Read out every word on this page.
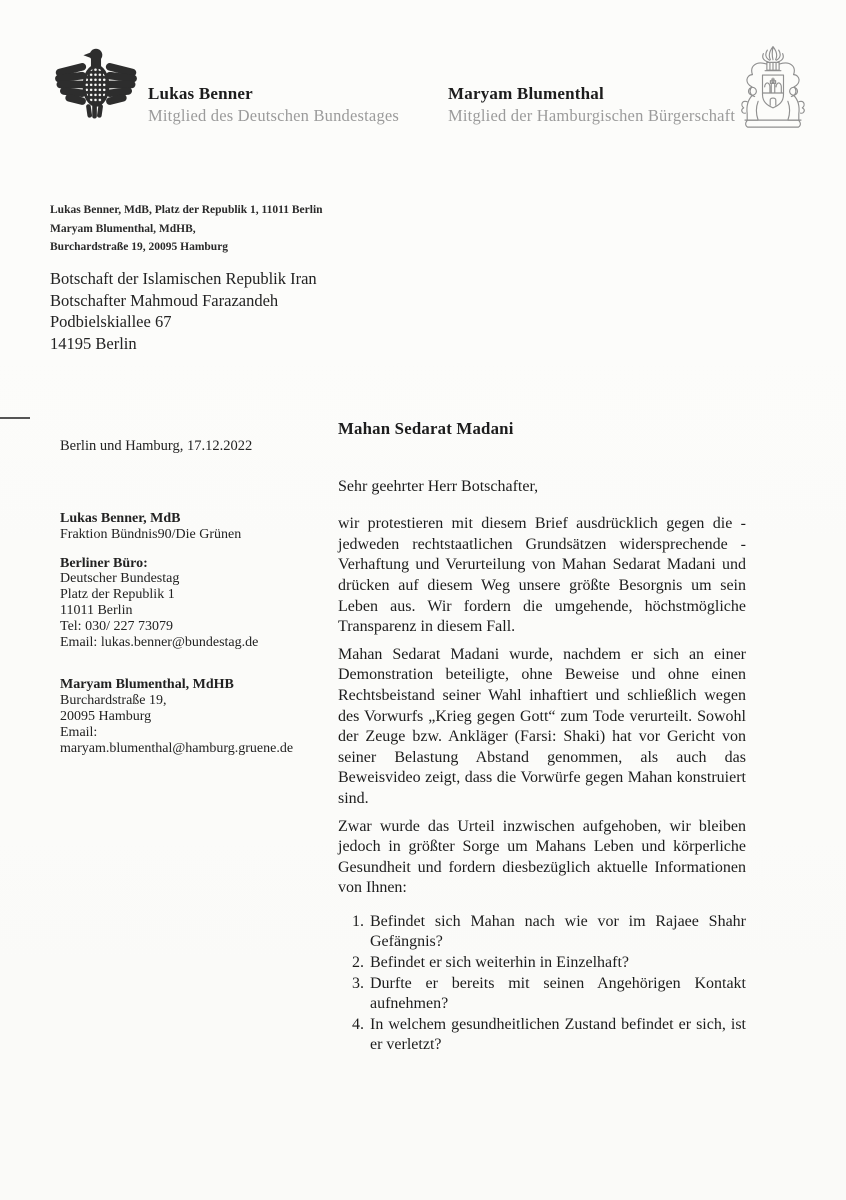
Lukas Benner
Mitglied des Deutschen Bundestages
Maryam Blumenthal
Mitglied der Hamburgischen Bürgerschaft
Lukas Benner, MdB, Platz der Republik 1, 11011 Berlin
Maryam Blumenthal, MdHB,
Burchardstraße 19, 20095 Hamburg
Botschaft der Islamischen Republik Iran
Botschafter Mahmoud Farazandeh
Podbielskiallee 67
14195 Berlin
Berlin und Hamburg, 17.12.2022
Lukas Benner, MdB
Fraktion Bündnis90/Die Grünen
Berliner Büro:
Deutscher Bundestag
Platz der Republik 1
11011 Berlin
Tel: 030/ 227 73079
Email: lukas.benner@bundestag.de
Maryam Blumenthal, MdHB
Burchardstraße 19,
20095 Hamburg
Email:
maryam.blumenthal@hamburg.gruene.de
Mahan Sedarat Madani
Sehr geehrter Herr Botschafter,

wir protestieren mit diesem Brief ausdrücklich gegen die - jedweden rechtstaatlichen Grundsätzen widersprechende - Verhaftung und Verurteilung von Mahan Sedarat Madani und drücken auf diesem Weg unsere größte Besorgnis um sein Leben aus. Wir fordern die umgehende, höchstmögliche Transparenz in diesem Fall.

Mahan Sedarat Madani wurde, nachdem er sich an einer Demonstration beteiligte, ohne Beweise und ohne einen Rechtsbeistand seiner Wahl inhaftiert und schließlich wegen des Vorwurfs „Krieg gegen Gott“ zum Tode verurteilt. Sowohl der Zeuge bzw. Ankläger (Farsi: Shaki) hat vor Gericht von seiner Belastung Abstand genommen, als auch das Beweisvideo zeigt, dass die Vorwürfe gegen Mahan konstruiert sind.

Zwar wurde das Urteil inzwischen aufgehoben, wir bleiben jedoch in größter Sorge um Mahans Leben und körperliche Gesundheit und fordern diesbezüglich aktuelle Informationen von Ihnen:

1. Befindet sich Mahan nach wie vor im Rajaee Shahr Gefängnis?
2. Befindet er sich weiterhin in Einzelhaft?
3. Durfte er bereits mit seinen Angehörigen Kontakt aufnehmen?
4. In welchem gesundheitlichen Zustand befindet er sich, ist er verletzt?
